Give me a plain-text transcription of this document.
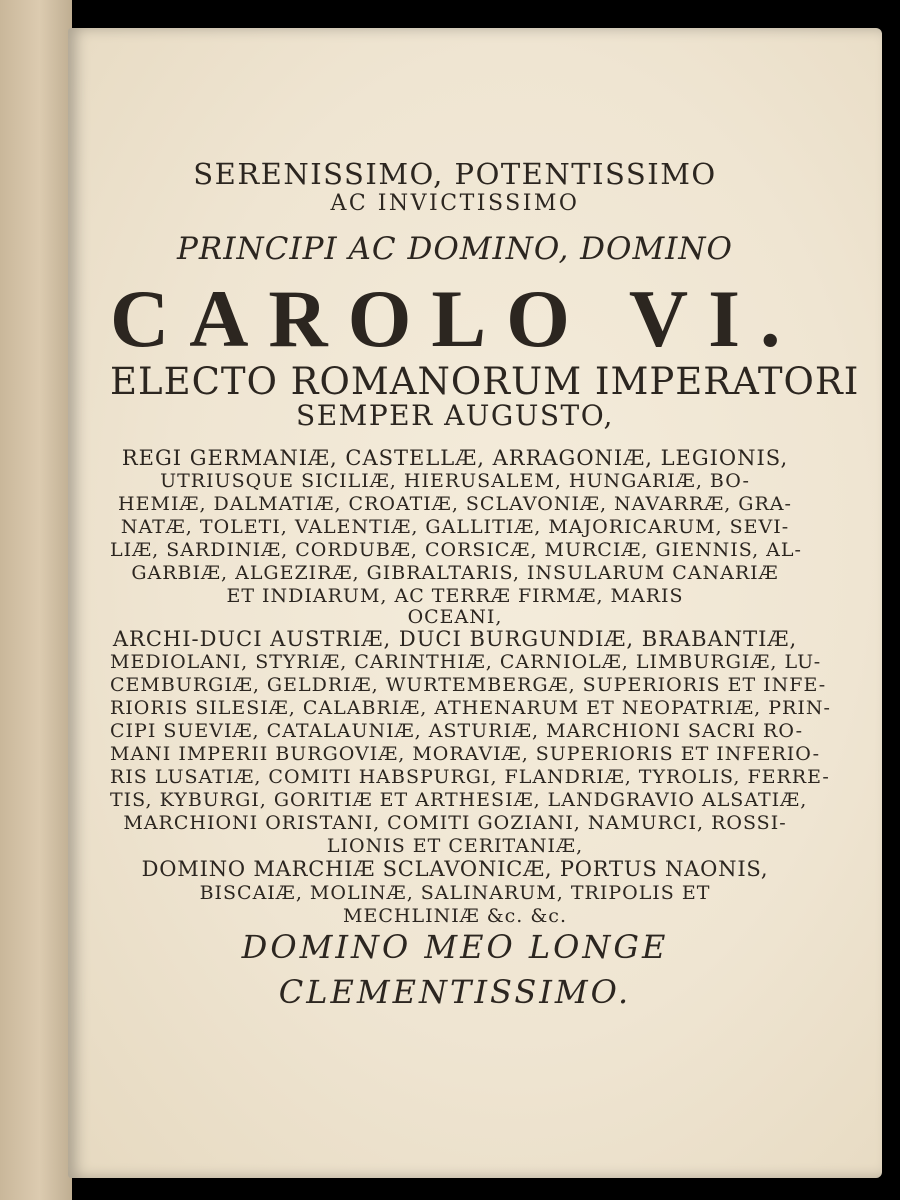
SERENISSIMO, POTENTISSIMO
AC INVICTISSIMO
PRINCIPI AC DOMINO, DOMINO
CAROLO VI.
ELECTO ROMANORUM IMPERATORI
SEMPER AUGUSTO,
REGI GERMANIÆ, CASTELLÆ, ARRAGONIÆ, LEGIONIS,
UTRIUSQUE SICILIÆ, HIERUSALEM, HUNGARIÆ, BO-
HEMIÆ, DALMATIÆ, CROATIÆ, SCLAVONIÆ, NAVARRÆ, GRA-
NATÆ, TOLETI, VALENTIÆ, GALLITIÆ, MAJORICARUM, SEVI-
LIÆ, SARDINIÆ, CORDUBÆ, CORSICÆ, MURCIÆ, GIENNIS, AL-
GARBIÆ, ALGEZIRÆ, GIBRALTARIS, INSULARUM CANARIÆ
ET INDIARUM, AC TERRÆ FIRMÆ, MARIS
OCEANI,
ARCHI-DUCI AUSTRIÆ, DUCI BURGUNDIÆ, BRABANTIÆ,
MEDIOLANI, STYRIÆ, CARINTHIÆ, CARNIOLÆ, LIMBURGIÆ, LU-
CEMBURGIÆ, GELDRIÆ, WURTEMBERGÆ, SUPERIORIS ET INFE-
RIORIS SILESIÆ, CALABRIÆ, ATHENARUM ET NEOPATRIÆ, PRIN-
CIPI SUEVIÆ, CATALAUNIÆ, ASTURIÆ, MARCHIONI SACRI RO-
MANI IMPERII BURGOVIÆ, MORAVIÆ, SUPERIORIS ET INFERIO-
RIS LUSATIÆ, COMITI HABSPURGI, FLANDRIÆ, TYROLIS, FERRE-
TIS, KYBURGI, GORITIÆ ET ARTHESIÆ, LANDGRAVIO ALSATIÆ,
MARCHIONI ORISTANI, COMITI GOZIANI, NAMURCI, ROSSI-
LIONIS ET CERITANIÆ,
DOMINO MARCHIÆ SCLAVONICÆ, PORTUS NAONIS,
BISCAIÆ, MOLINÆ, SALINARUM, TRIPOLIS ET
MECHLINIÆ &c. &c.
DOMINO MEO LONGE
CLEMENTISSIMO.
